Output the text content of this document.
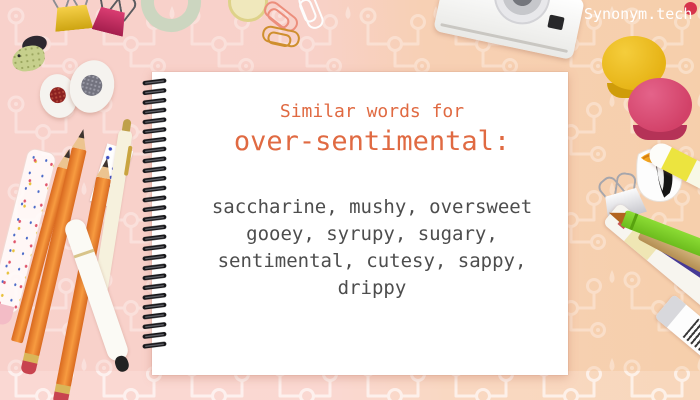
Synonym.tech
Similar words for
over-sentimental:
saccharine, mushy, oversweet
gooey, syrupy, sugary,
sentimental, cutesy, sappy,
drippy
